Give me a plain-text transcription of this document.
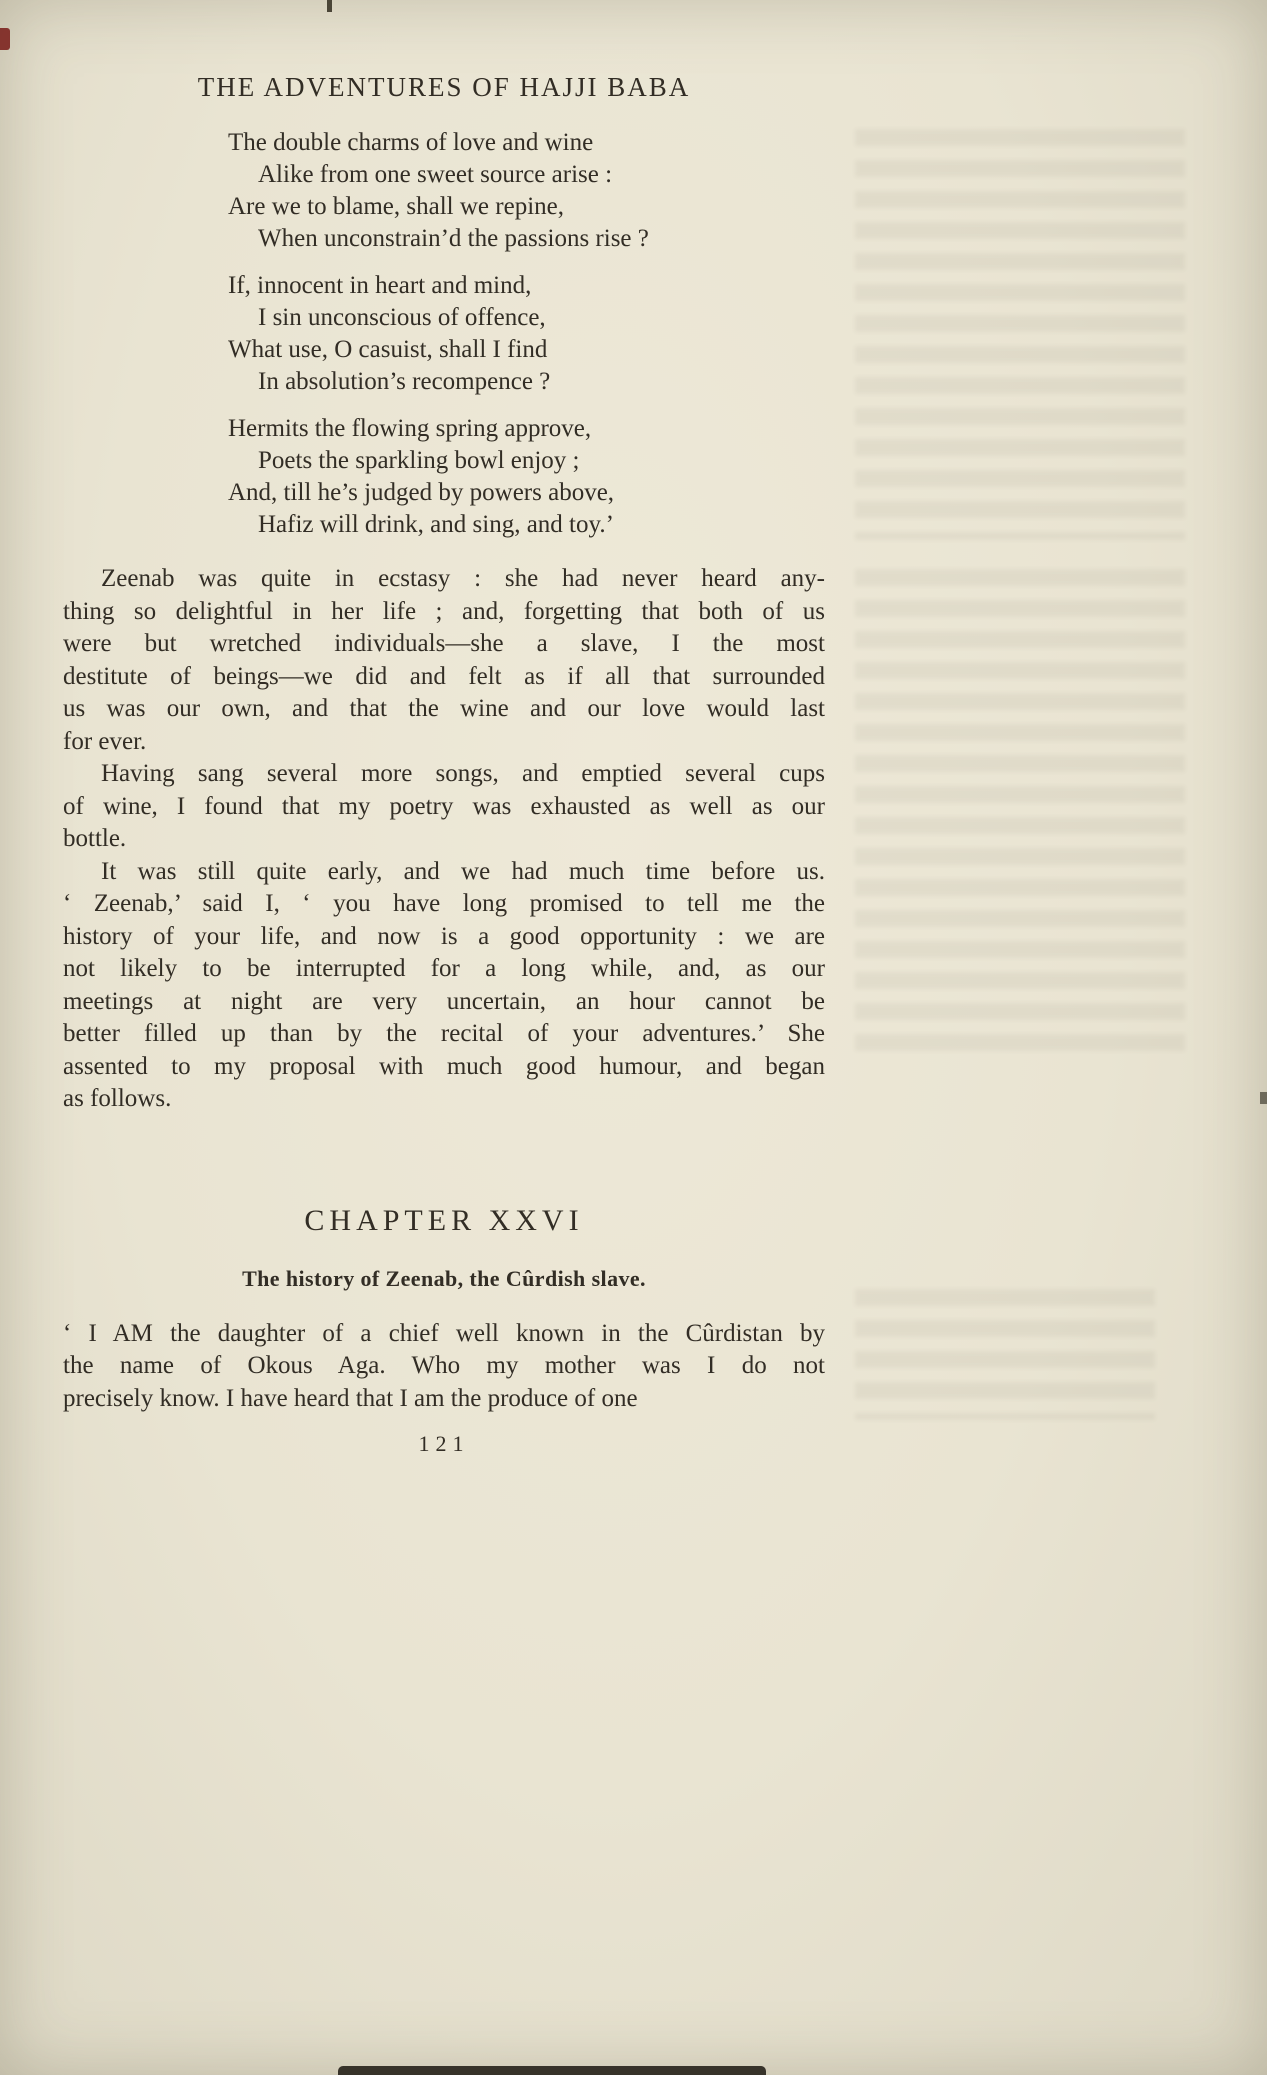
THE ADVENTURES OF HAJJI BABA
The double charms of love and wine
Alike from one sweet source arise :
Are we to blame, shall we repine,
When unconstrain’d the passions rise ?
If, innocent in heart and mind,
I sin unconscious of offence,
What use, O casuist, shall I find
In absolution’s recompence ?
Hermits the flowing spring approve,
Poets the sparkling bowl enjoy ;
And, till he’s judged by powers above,
Hafiz will drink, and sing, and toy.’
Zeenab was quite in ecstasy : she had never heard any-
thing so delightful in her life ; and, forgetting that both of us
were but wretched individuals—she a slave, I the most
destitute of beings—we did and felt as if all that surrounded
us was our own, and that the wine and our love would last
for ever.
Having sang several more songs, and emptied several cups
of wine, I found that my poetry was exhausted as well as our
bottle.
It was still quite early, and we had much time before us.
‘ Zeenab,’ said I, ‘ you have long promised to tell me the
history of your life, and now is a good opportunity : we are
not likely to be interrupted for a long while, and, as our
meetings at night are very uncertain, an hour cannot be
better filled up than by the recital of your adventures.’ She
assented to my proposal with much good humour, and began
as follows.
CHAPTER XXVI
The history of Zeenab, the Cûrdish slave.
‘ I AM the daughter of a chief well known in the Cûrdistan by
the name of Okous Aga. Who my mother was I do not
precisely know. I have heard that I am the produce of one
121
